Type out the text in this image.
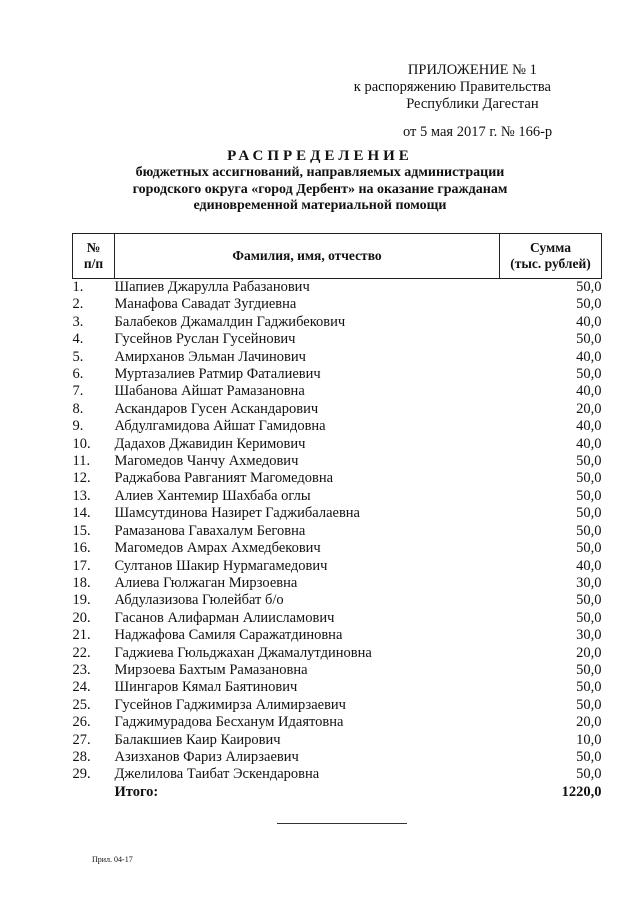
ПРИЛОЖЕНИЕ № 1
к распоряжению Правительства
Республики Дагестан
от 5 мая 2017 г. № 166-р
РАСПРЕДЕЛЕНИЕ
бюджетных ассигнований, направляемых администрации
городского округа «город Дербент» на оказание гражданам
единовременной материальной помощи
№
п/п	Фамилия, имя, отчество	Сумма
(тыс. рублей)
1.	Шапиев Джарулла Рабазанович	50,0
2.	Манафова Савадат Зугдиевна	50,0
3.	Балабеков Джамалдин Гаджибекович	40,0
4.	Гусейнов Руслан Гусейнович	50,0
5.	Амирханов Эльман Лачинович	40,0
6.	Муртазалиев Ратмир Фаталиевич	50,0
7.	Шабанова Айшат Рамазановна	40,0
8.	Аскандаров Гусен Аскандарович	20,0
9.	Абдулгамидова Айшат Гамидовна	40,0
10.	Дадахов Джавидин Керимович	40,0
11.	Магомедов Чанчу Ахмедович	50,0
12.	Раджабова Равганият Магомедовна	50,0
13.	Алиев Хантемир Шахбаба оглы	50,0
14.	Шамсутдинова Назирет Гаджибалаевна	50,0
15.	Рамазанова Гавахалум Беговна	50,0
16.	Магомедов Амрах Ахмедбекович	50,0
17.	Султанов Шакир Нурмагамедович	40,0
18.	Алиева Гюлжаган Мирзоевна	30,0
19.	Абдулазизова Гюлейбат б/о	50,0
20.	Гасанов Алифарман Алиисламович	50,0
21.	Наджафова Самиля Саражатдиновна	30,0
22.	Гаджиева Гюльджахан Джамалутдиновна	20,0
23.	Мирзоева Бахтым Рамазановна	50,0
24.	Шингаров Кямал Баятинович	50,0
25.	Гусейнов Гаджимирза Алимирзаевич	50,0
26.	Гаджимурадова Бесханум Идаятовна	20,0
27.	Балакшиев Каир Каирович	10,0
28.	Азизханов Фариз Алирзаевич	50,0
29.	Джелилова Таибат Эскендаровна	50,0
	Итого:	1220,0
Прил. 04-17
